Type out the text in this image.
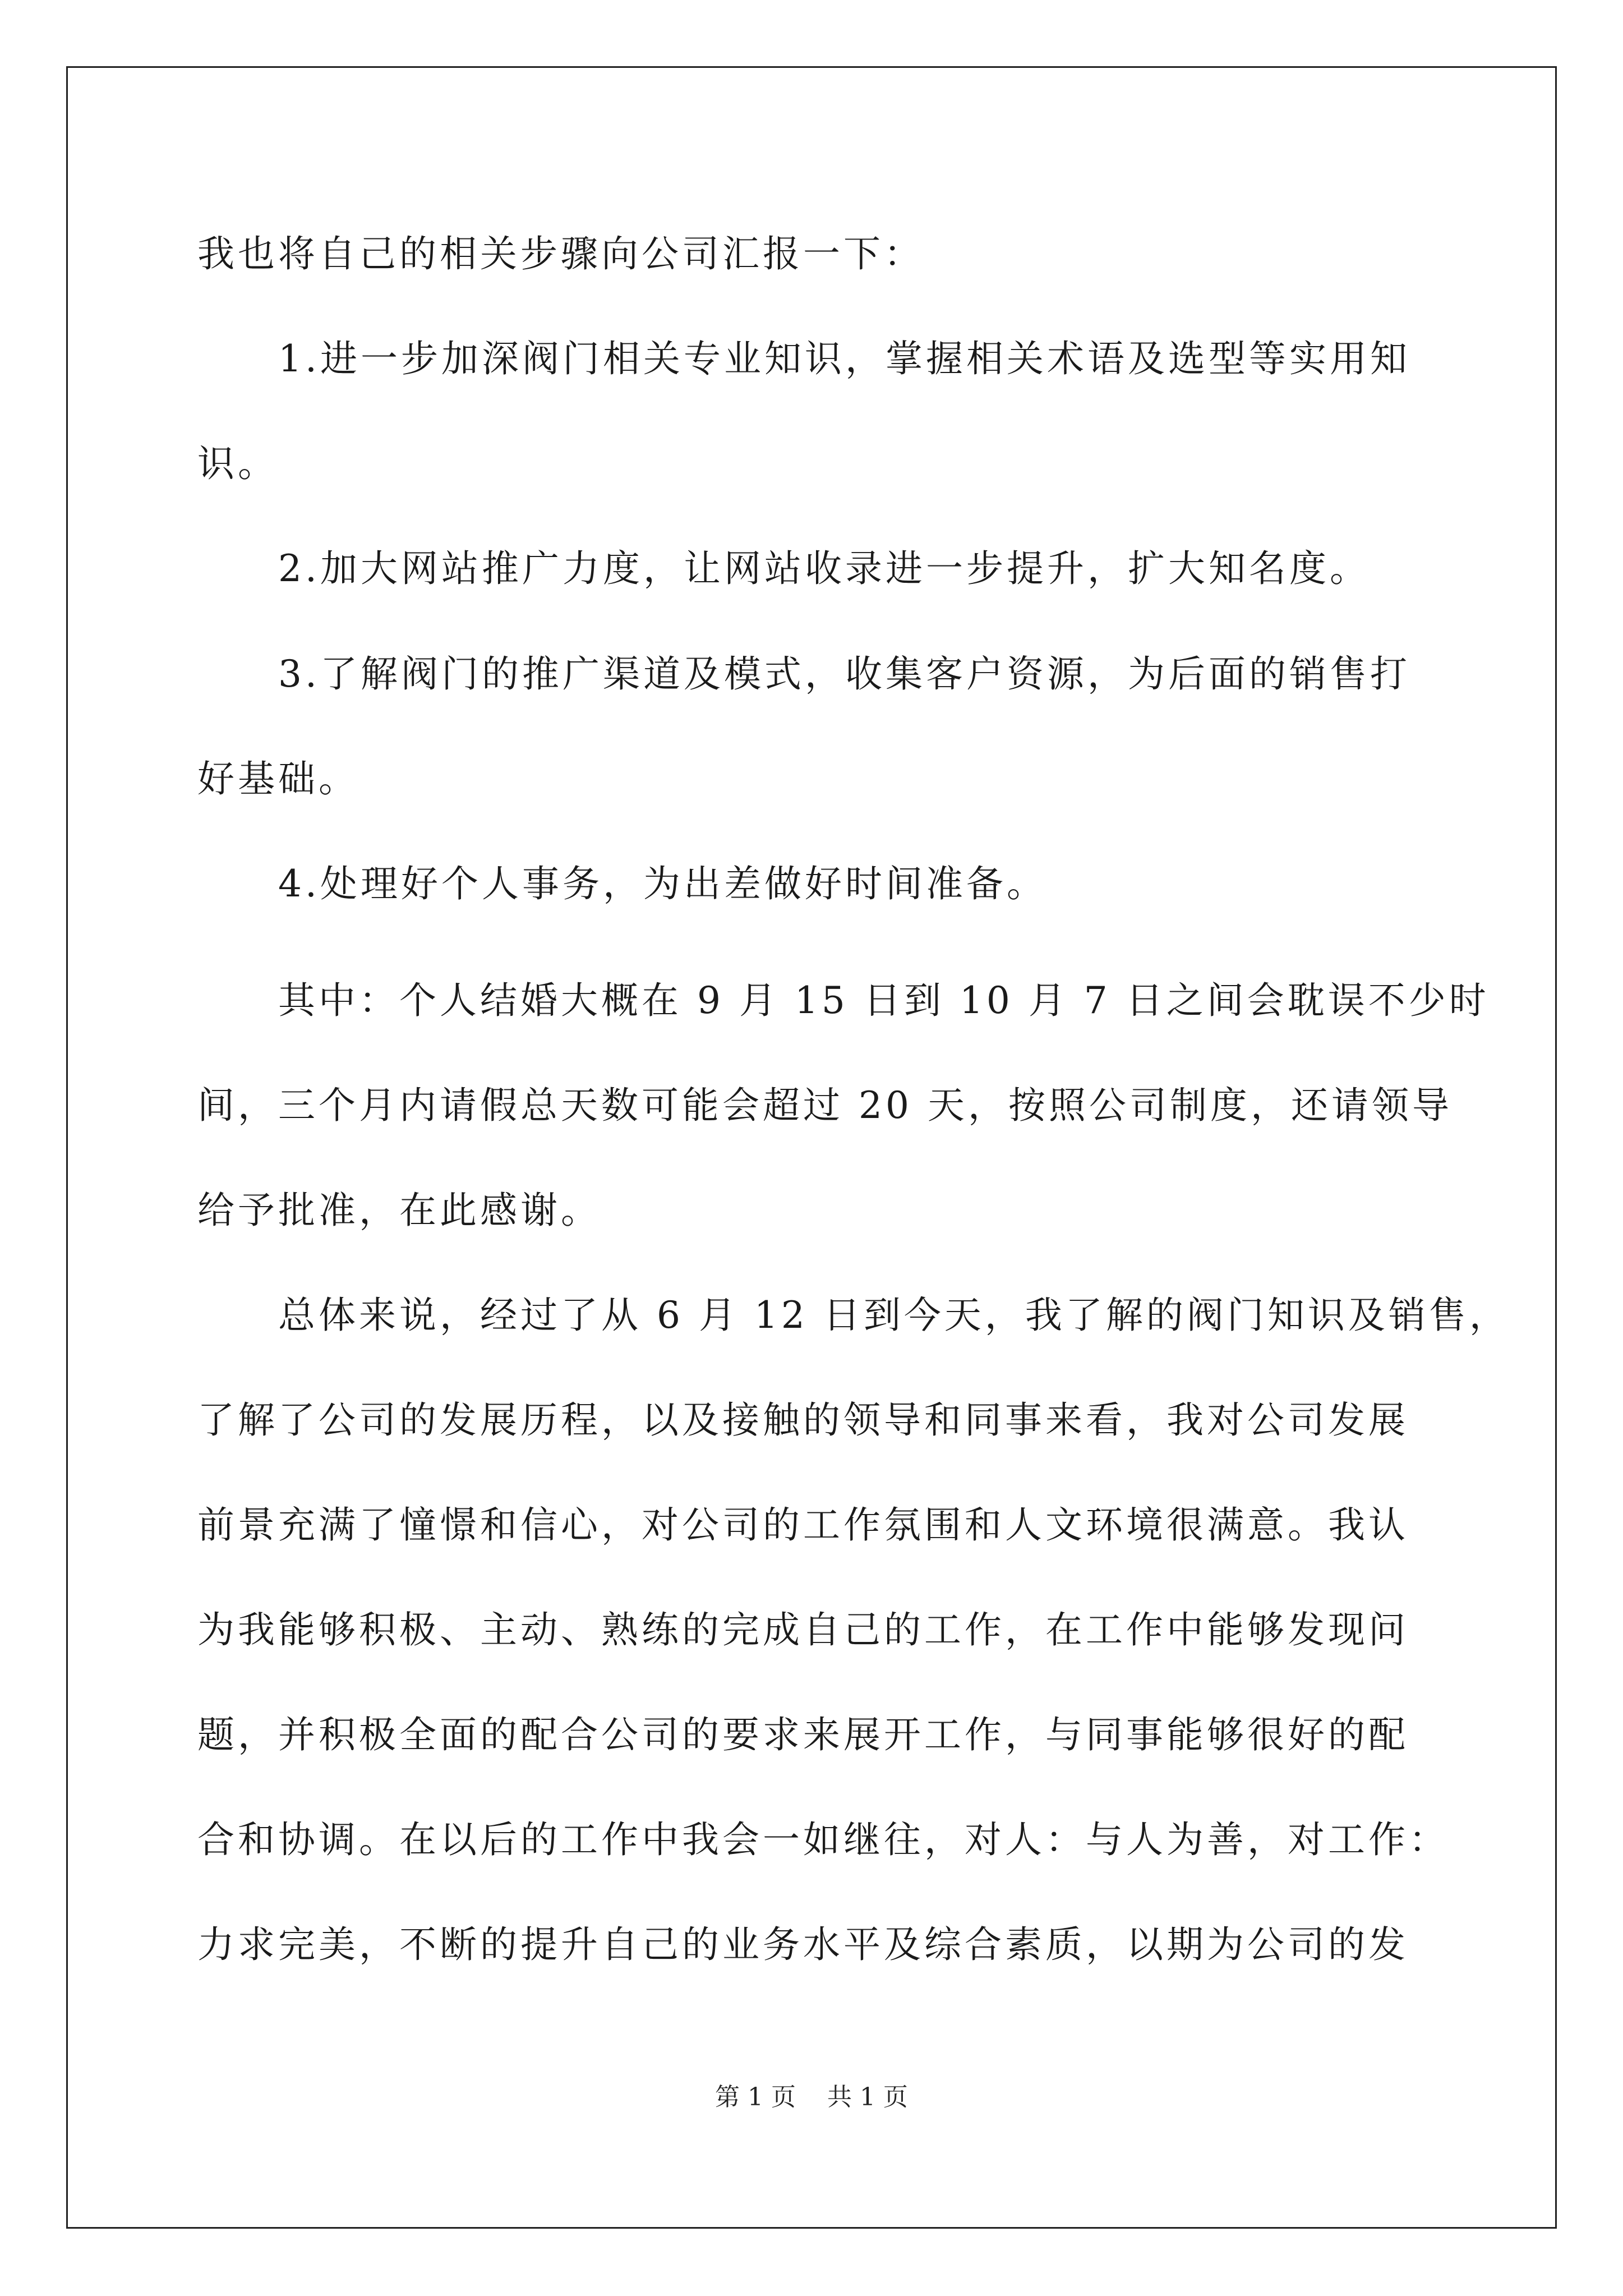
我也将自己的相关步骤向公司汇报一下：
1.进一步加深阀门相关专业知识，掌握相关术语及选型等实用知
识。
2.加大网站推广力度，让网站收录进一步提升，扩大知名度。
3.了解阀门的推广渠道及模式，收集客户资源，为后面的销售打
好基础。
4.处理好个人事务，为出差做好时间准备。
其中：个人结婚大概在 9 月 15 日到 10 月 7 日之间会耽误不少时
间，三个月内请假总天数可能会超过 20 天，按照公司制度，还请领导
给予批准，在此感谢。
总体来说，经过了从 6 月 12 日到今天，我了解的阀门知识及销售，
了解了公司的发展历程，以及接触的领导和同事来看，我对公司发展
前景充满了憧憬和信心，对公司的工作氛围和人文环境很满意。我认
为我能够积极、主动、熟练的完成自己的工作，在工作中能够发现问
题，并积极全面的配合公司的要求来展开工作，与同事能够很好的配
合和协调。在以后的工作中我会一如继往，对人：与人为善，对工作：
力求完美，不断的提升自己的业务水平及综合素质，以期为公司的发
第 1 页    共 1 页
